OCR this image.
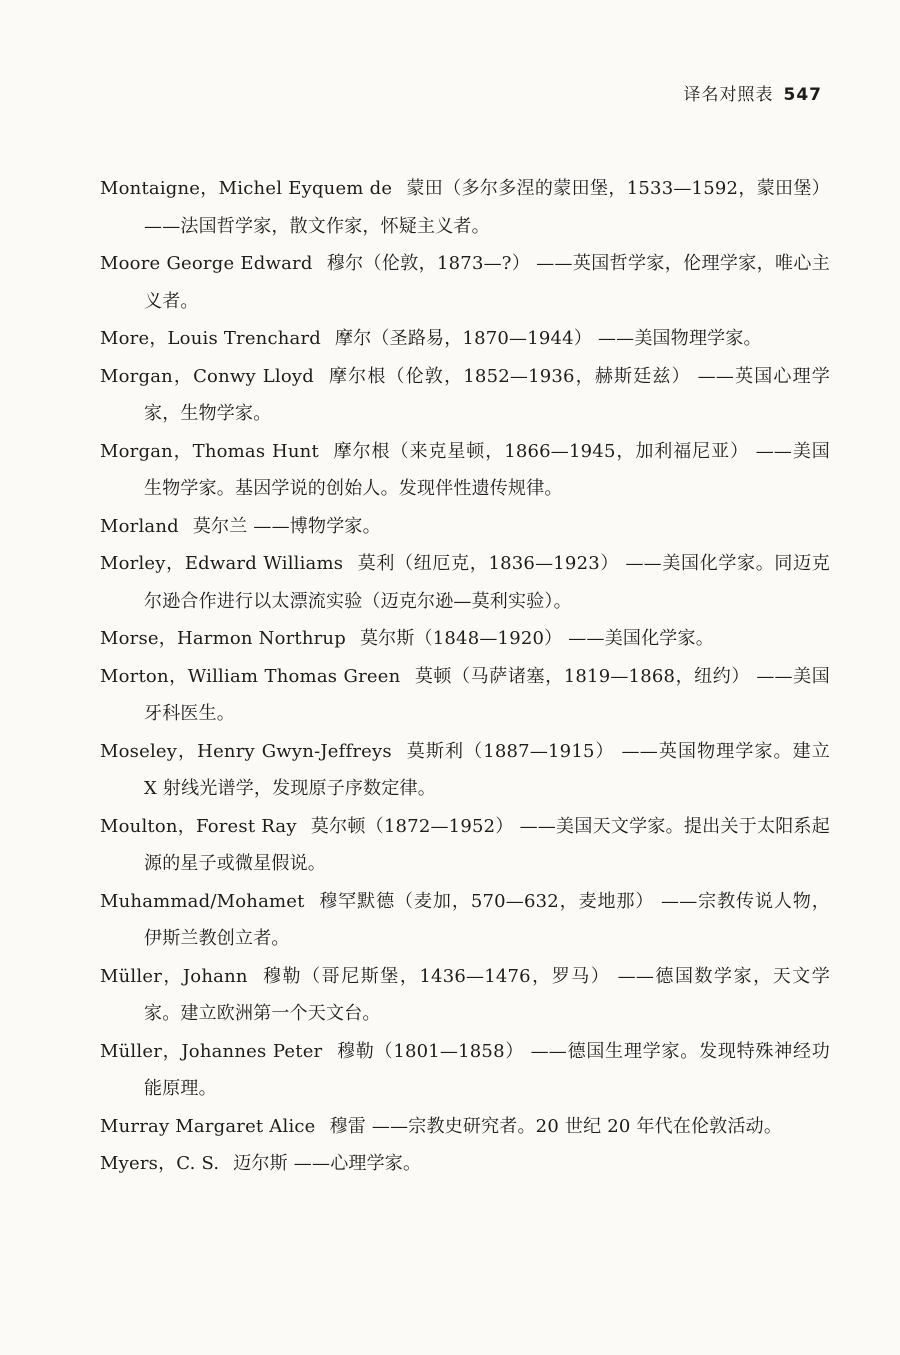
译名对照表 547
Montaigne，Michel Eyquem de 蒙田（多尔多涅的蒙田堡，1533—1592，蒙田堡）——法国哲学家，散文作家，怀疑主义者。
Moore George Edward 穆尔（伦敦，1873—?） ——英国哲学家，伦理学家，唯心主义者。
More，Louis Trenchard 摩尔（圣路易，1870—1944） ——美国物理学家。
Morgan，Conwy Lloyd 摩尔根（伦敦，1852—1936，赫斯廷兹） ——英国心理学家，生物学家。
Morgan，Thomas Hunt 摩尔根（来克星顿，1866—1945，加利福尼亚） ——美国生物学家。基因学说的创始人。发现伴性遗传规律。
Morland 莫尔兰 ——博物学家。
Morley，Edward Williams 莫利（纽厄克，1836—1923） ——美国化学家。同迈克尔逊合作进行以太漂流实验（迈克尔逊—莫利实验）。
Morse，Harmon Northrup 莫尔斯（1848—1920） ——美国化学家。
Morton，William Thomas Green 莫顿（马萨诸塞，1819—1868，纽约） ——美国牙科医生。
Moseley，Henry Gwyn-Jeffreys 莫斯利（1887—1915） ——英国物理学家。建立 X 射线光谱学，发现原子序数定律。
Moulton，Forest Ray 莫尔顿（1872—1952） ——美国天文学家。提出关于太阳系起源的星子或微星假说。
Muhammad/Mohamet 穆罕默德（麦加，570—632，麦地那） ——宗教传说人物，伊斯兰教创立者。
Müller，Johann 穆勒（哥尼斯堡，1436—1476，罗马） ——德国数学家，天文学家。建立欧洲第一个天文台。
Müller，Johannes Peter 穆勒（1801—1858） ——德国生理学家。发现特殊神经功能原理。
Murray Margaret Alice 穆雷 ——宗教史研究者。20 世纪 20 年代在伦敦活动。
Myers，C. S. 迈尔斯 ——心理学家。
